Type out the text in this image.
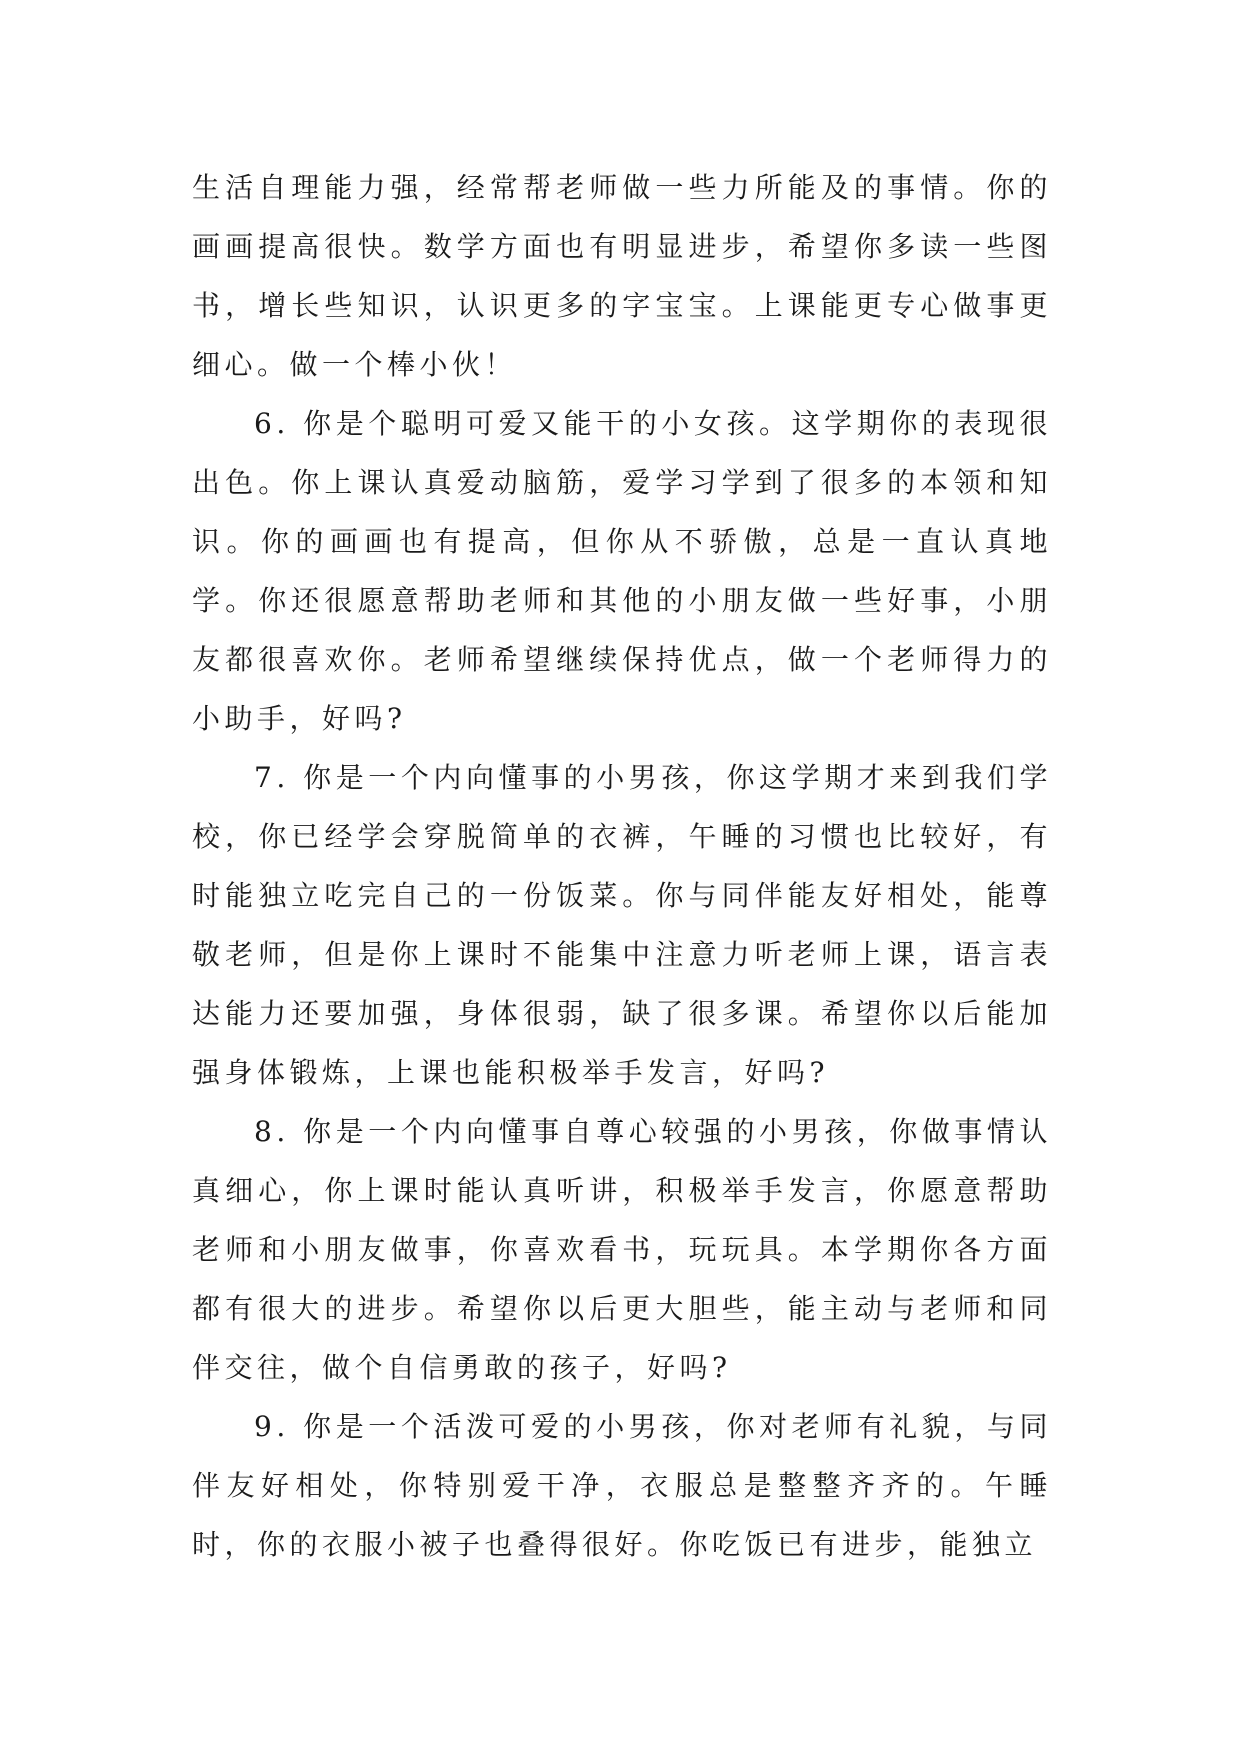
生活自理能力强，经常帮老师做一些力所能及的事情。你的画画提高很快。数学方面也有明显进步，希望你多读一些图书，增长些知识，认识更多的字宝宝。上课能更专心做事更细心。做一个棒小伙！

6. 你是个聪明可爱又能干的小女孩。这学期你的表现很出色。你上课认真爱动脑筋，爱学习学到了很多的本领和知识。你的画画也有提高，但你从不骄傲，总是一直认真地学。你还很愿意帮助老师和其他的小朋友做一些好事，小朋友都很喜欢你。老师希望继续保持优点，做一个老师得力的小助手，好吗?

7. 你是一个内向懂事的小男孩，你这学期才来到我们学校，你已经学会穿脱简单的衣裤，午睡的习惯也比较好，有时能独立吃完自己的一份饭菜。你与同伴能友好相处，能尊敬老师，但是你上课时不能集中注意力听老师上课，语言表达能力还要加强，身体很弱，缺了很多课。希望你以后能加强身体锻炼，上课也能积极举手发言，好吗?

8. 你是一个内向懂事自尊心较强的小男孩，你做事情认真细心，你上课时能认真听讲，积极举手发言，你愿意帮助老师和小朋友做事，你喜欢看书，玩玩具。本学期你各方面都有很大的进步。希望你以后更大胆些，能主动与老师和同伴交往，做个自信勇敢的孩子，好吗?

9. 你是一个活泼可爱的小男孩，你对老师有礼貌，与同伴友好相处，你特别爱干净，衣服总是整整齐齐的。午睡时，你的衣服小被子也叠得很好。你吃饭已有进步，能独立
